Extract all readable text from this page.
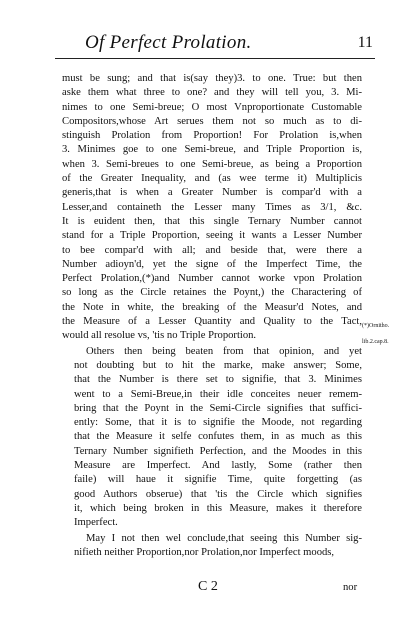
Of Perfect Prolation.	11

must be sung; and that is(say they)3. to one. True: but then
aske them what three to one? and they will tell you, 3. Mi-
nimes to one Semi-breue; O most Vnproportionate Customable
Compositors,whose Art serues them not so much as to di-
stinguish Prolation from Proportion! For Prolation is,when
3. Minimes goe to one Semi-breue, and Triple Proportion is,
when 3. Semi-breues to one Semi-breue, as being a Proportion
of the Greater Inequality, and (as wee terme it) Multiplicis
generis,that is when a Greater Number is compar'd with a
Lesser,and containeth the Lesser many Times as 3/1, &c.
It is euident then, that this single Ternary Number cannot
stand for a Triple Proportion, seeing it wants a Lesser Number
to bee compar'd with all; and beside that, were there a
Number adioyn'd, yet the signe of the Imperfect Time, the
Perfect Prolation,(*)and Number cannot worke vpon Prolation
so long as the Circle retaines the Poynt,) the Charactering of
the Note in white, the breaking of the Measur'd Notes, and
the Measure of a Lesser Quantity and Quality to the Tact,
would all resolue vs, 'tis no Triple Proportion.

Others then being beaten from that opinion, and yet
not doubting but to hit the marke, make answer; Some,
that the Number is there set to signifie, that 3. Minimes
went to a Semi-Breue,in their idle conceites neuer remem-
bring that the Poynt in the Semi-Circle signifies that suffici-
ently: Some, that it is to signifie the Moode, not regarding
that the Measure it selfe confutes them, in as much as this
Ternary Number signifieth Perfection, and the Moodes in this
Measure are Imperfect. And lastly, Some (rather then
faile) will haue it signifie Time, quite forgetting (as
good Authors obserue) that 'tis the Circle which signifies
it, which being broken in this Measure, makes it therefore
Imperfect.

May I not then wel conclude,that seeing this Number sig-
nifieth neither Proportion,nor Prolation,nor Imperfect moods,

(*)Ornitho.
lib.2.cap.8.
C 2	nor
